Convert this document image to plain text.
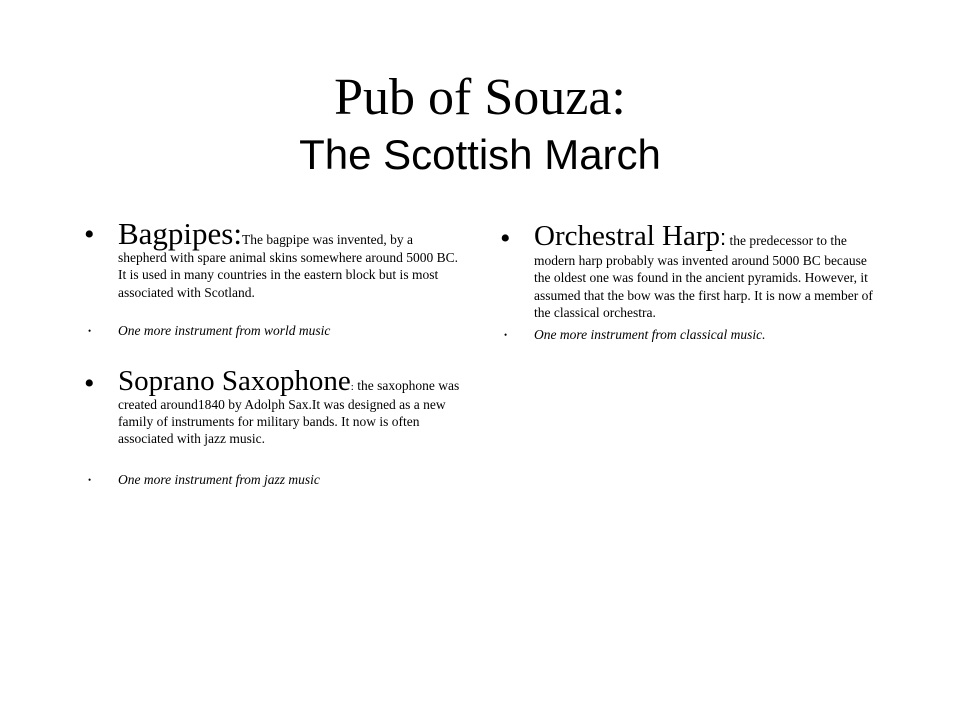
Pub of Souza:
The Scottish March
• Bagpipes:The bagpipe was invented, by a shepherd with spare animal skins somewhere around 5000 BC. It is used in many countries in the eastern block but is most associated with Scotland.
• One more instrument from world music
• Soprano Saxophone: the saxophone was created around1840 by Adolph Sax.It was designed as a new family of instruments for military bands. It now is often associated with jazz music.
• One more instrument from jazz music
• Orchestral Harp: the predecessor to the modern harp probably was invented around 5000 BC because the oldest one was found in the ancient pyramids. However, it assumed that the bow was the first harp. It is now a member of the classical orchestra.
• One more instrument from classical music.
